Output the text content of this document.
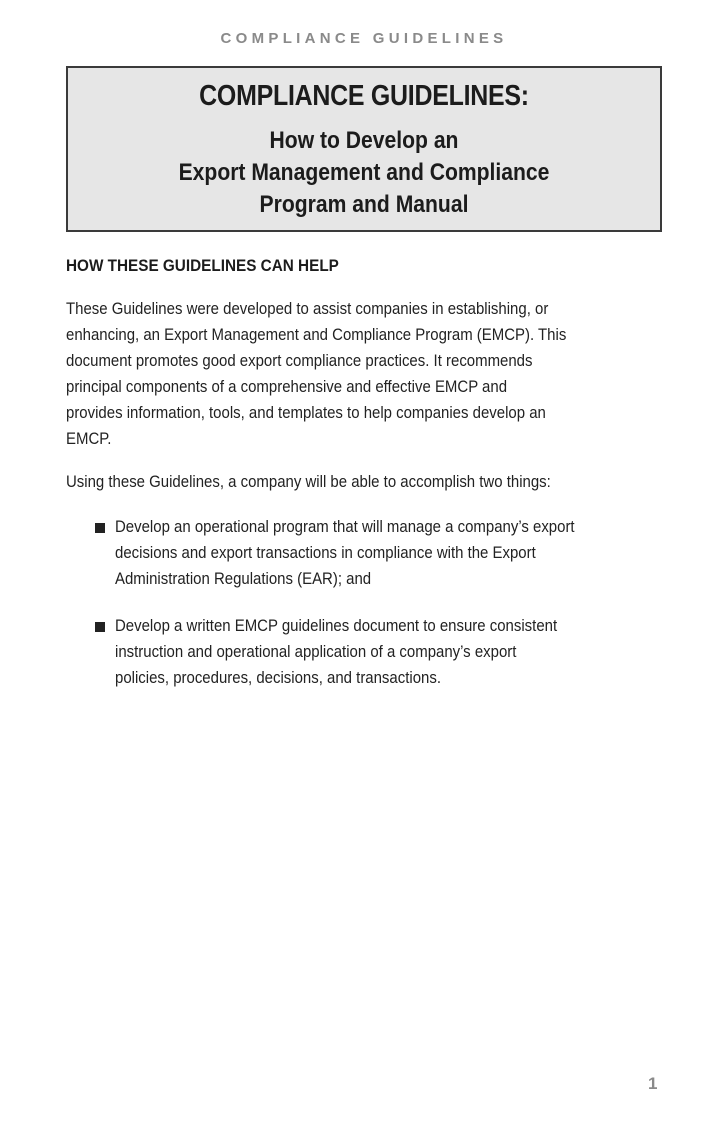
COMPLIANCE GUIDELINES
COMPLIANCE GUIDELINES:
How to Develop an
Export Management and Compliance
Program and Manual
HOW THESE GUIDELINES CAN HELP
These Guidelines were developed to assist companies in establishing, or
enhancing, an Export Management and Compliance Program (EMCP). This
document promotes good export compliance practices. It recommends
principal components of a comprehensive and effective EMCP and
provides information, tools, and templates to help companies develop an
EMCP.
Using these Guidelines, a company will be able to accomplish two things:
Develop an operational program that will manage a company’s export
decisions and export transactions in compliance with the Export
Administration Regulations (EAR); and
Develop a written EMCP guidelines document to ensure consistent
instruction and operational application of a company’s export
policies, procedures, decisions, and transactions.
1
